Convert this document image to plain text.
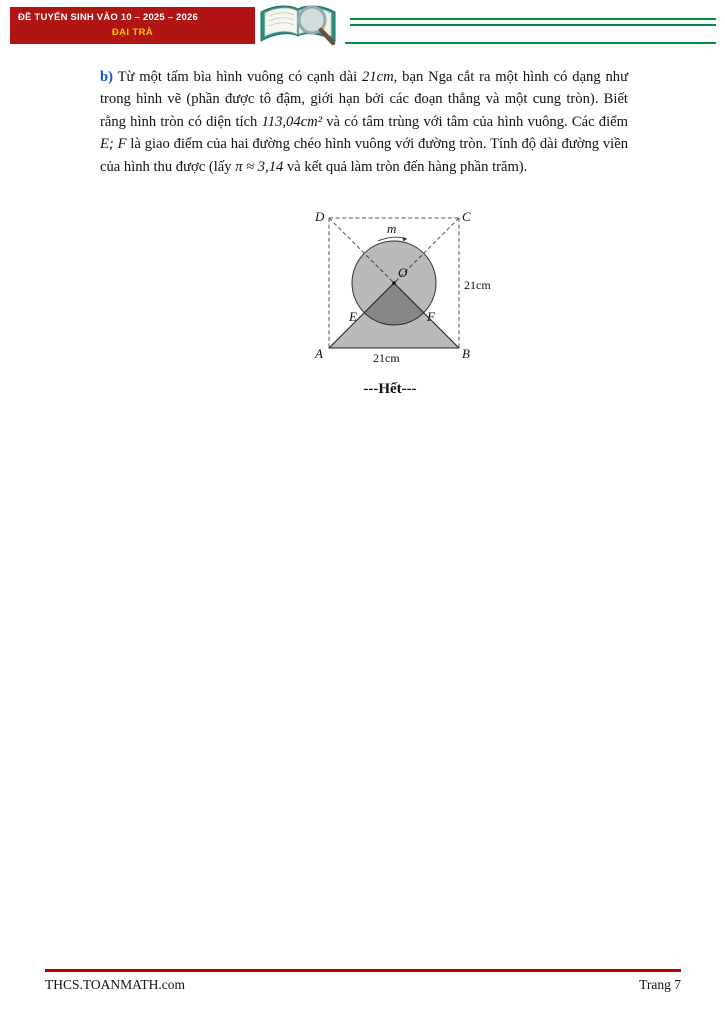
ĐỀ TUYỂN SINH VÀO 10 – 2025 – 2026
ĐẠI TRÀ
b) Từ một tấm bìa hình vuông có cạnh dài 21cm, bạn Nga cắt ra một hình có dạng như trong hình vẽ (phần được tô đậm, giới hạn bởi các đoạn thẳng và một cung tròn). Biết rằng hình tròn có diện tích 113,04cm² và có tâm trùng với tâm của hình vuông. Các điểm E; F là giao điểm của hai đường chéo hình vuông với đường tròn. Tính độ dài đường viền của hình thu được (lấy π ≈ 3,14 và kết quả làm tròn đến hàng phần trăm).
D	C
A	B
O
E	F
m
21cm
21cm
---Hết---
THCS.TOANMATH.com	Trang 7
